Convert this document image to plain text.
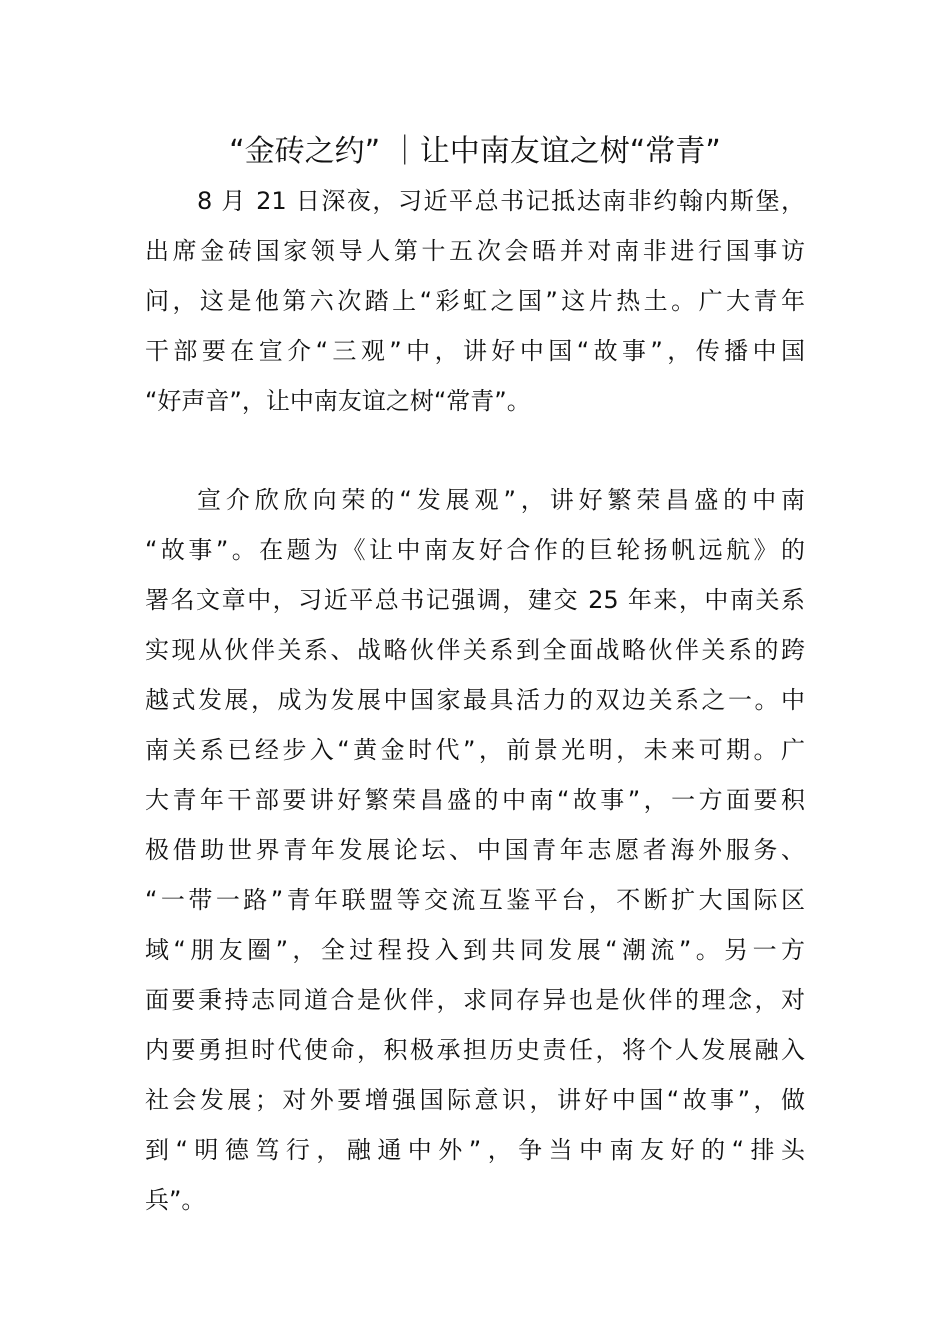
“金砖之约” ｜让中南友谊之树“常青”
8 月 21 日深夜，习近平总书记抵达南非约翰内斯堡，
出席金砖国家领导人第十五次会晤并对南非进行国事访
问，这是他第六次踏上“彩虹之国”这片热土。广大青年
干部要在宣介“三观”中，讲好中国“故事”，传播中国
“好声音”，让中南友谊之树“常青”。
宣介欣欣向荣的“发展观”，讲好繁荣昌盛的中南
“故事”。在题为《让中南友好合作的巨轮扬帆远航》的
署名文章中，习近平总书记强调，建交 25 年来，中南关系
实现从伙伴关系、战略伙伴关系到全面战略伙伴关系的跨
越式发展，成为发展中国家最具活力的双边关系之一。中
南关系已经步入“黄金时代”，前景光明，未来可期。广
大青年干部要讲好繁荣昌盛的中南“故事”，一方面要积
极借助世界青年发展论坛、中国青年志愿者海外服务、
“一带一路”青年联盟等交流互鉴平台，不断扩大国际区
域“朋友圈”，全过程投入到共同发展“潮流”。另一方
面要秉持志同道合是伙伴，求同存异也是伙伴的理念，对
内要勇担时代使命，积极承担历史责任，将个人发展融入
社会发展；对外要增强国际意识，讲好中国“故事”，做
到“明德笃行，融通中外”，争当中南友好的“排头
兵”。
